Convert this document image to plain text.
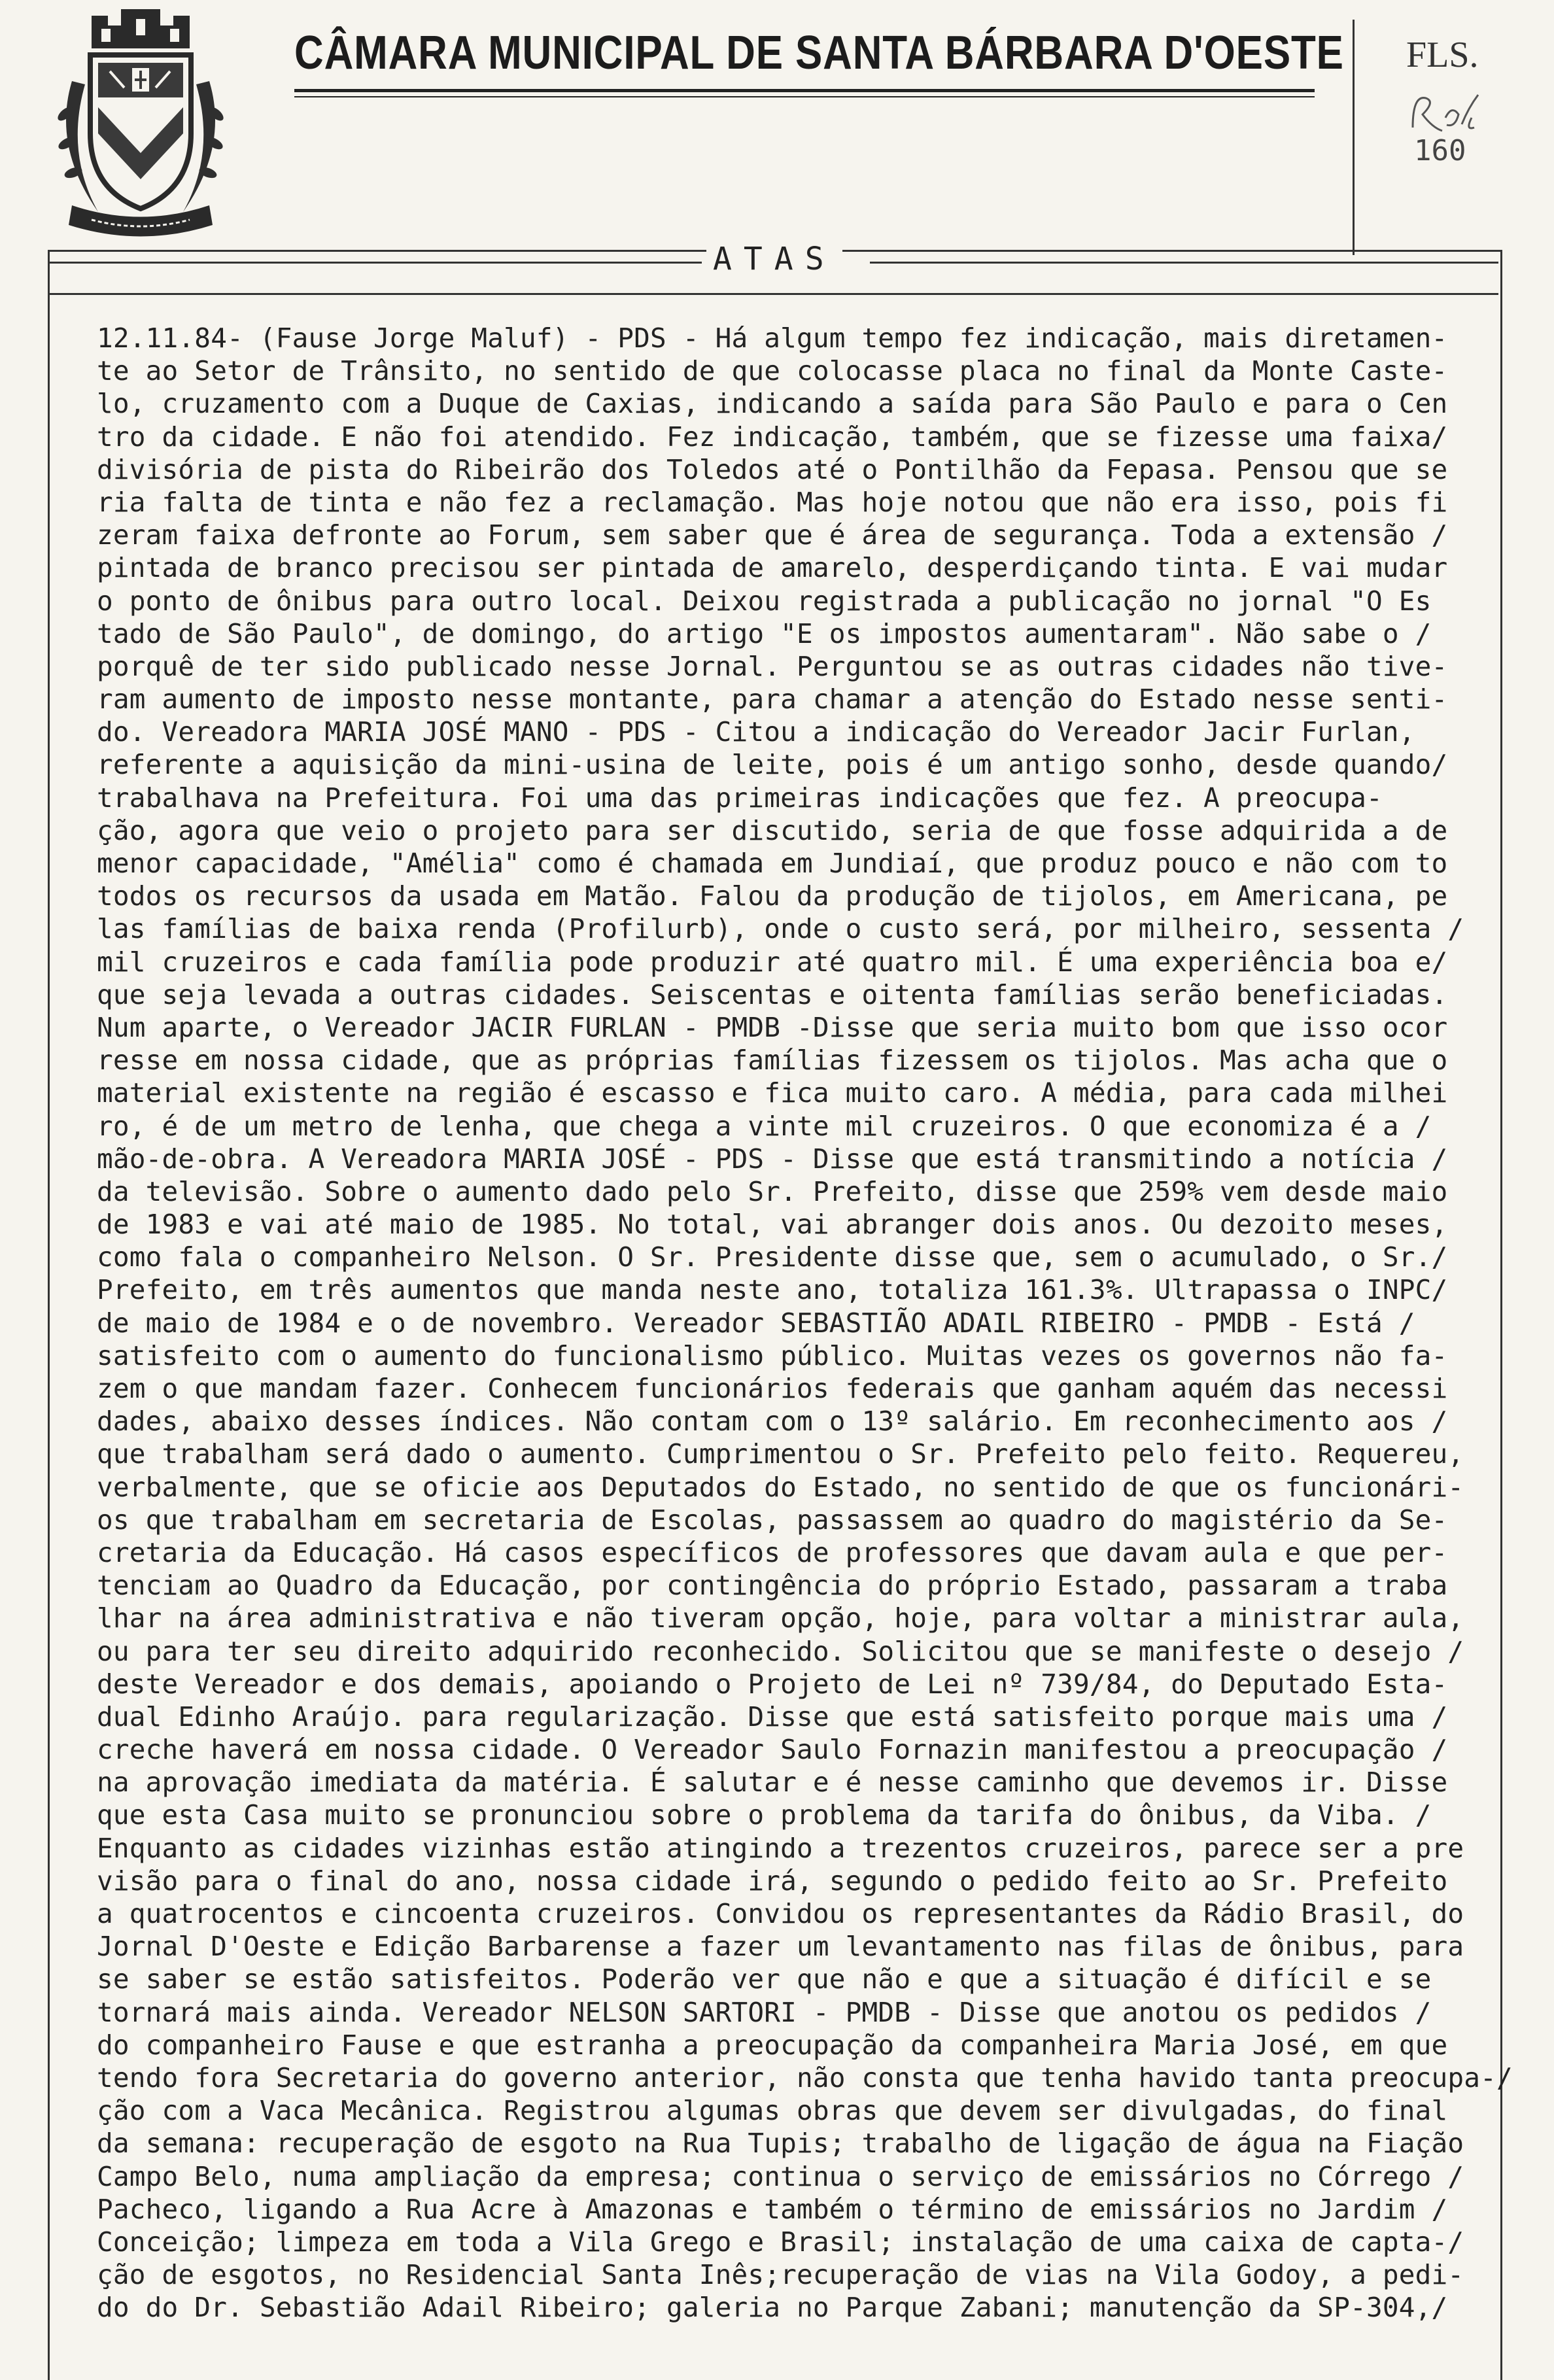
CÂMARA MUNICIPAL DE SANTA BÁRBARA D'OESTE FLS.
160
ATAS
12.11.84- (Fause Jorge Maluf) - PDS - Há algum tempo fez indicação, mais diretamen-
te ao Setor de Trânsito, no sentido de que colocasse placa no final da Monte Caste-
lo, cruzamento com a Duque de Caxias, indicando a saída para São Paulo e para o Cen
tro da cidade. E não foi atendido. Fez indicação, também, que se fizesse uma faixa/
divisória de pista do Ribeirão dos Toledos até o Pontilhão da Fepasa. Pensou que se
ria falta de tinta e não fez a reclamação. Mas hoje notou que não era isso, pois fi
zeram faixa defronte ao Forum, sem saber que é área de segurança. Toda a extensão /
pintada de branco precisou ser pintada de amarelo, desperdiçando tinta. E vai mudar
o ponto de ônibus para outro local. Deixou registrada a publicação no jornal "O Es
tado de São Paulo", de domingo, do artigo "E os impostos aumentaram". Não sabe o /
porquê de ter sido publicado nesse Jornal. Perguntou se as outras cidades não tive-
ram aumento de imposto nesse montante, para chamar a atenção do Estado nesse senti-
do. Vereadora MARIA JOSÉ MANO - PDS - Citou a indicação do Vereador Jacir Furlan,
referente a aquisição da mini-usina de leite, pois é um antigo sonho, desde quando/
trabalhava na Prefeitura. Foi uma das primeiras indicações que fez. A preocupa-
ção, agora que veio o projeto para ser discutido, seria de que fosse adquirida a de
menor capacidade, "Amélia" como é chamada em Jundiaí, que produz pouco e não com to
todos os recursos da usada em Matão. Falou da produção de tijolos, em Americana, pe
las famílias de baixa renda (Profilurb), onde o custo será, por milheiro, sessenta /
mil cruzeiros e cada família pode produzir até quatro mil. É uma experiência boa e/
que seja levada a outras cidades. Seiscentas e oitenta famílias serão beneficiadas.
Num aparte, o Vereador JACIR FURLAN - PMDB -Disse que seria muito bom que isso ocor
resse em nossa cidade, que as próprias famílias fizessem os tijolos. Mas acha que o
material existente na região é escasso e fica muito caro. A média, para cada milhei
ro, é de um metro de lenha, que chega a vinte mil cruzeiros. O que economiza é a /
mão-de-obra. A Vereadora MARIA JOSÉ - PDS - Disse que está transmitindo a notícia /
da televisão. Sobre o aumento dado pelo Sr. Prefeito, disse que 259% vem desde maio
de 1983 e vai até maio de 1985. No total, vai abranger dois anos. Ou dezoito meses,
como fala o companheiro Nelson. O Sr. Presidente disse que, sem o acumulado, o Sr./
Prefeito, em três aumentos que manda neste ano, totaliza 161.3%. Ultrapassa o INPC/
de maio de 1984 e o de novembro. Vereador SEBASTIÃO ADAIL RIBEIRO - PMDB - Está /
satisfeito com o aumento do funcionalismo público. Muitas vezes os governos não fa-
zem o que mandam fazer. Conhecem funcionários federais que ganham aquém das necessi
dades, abaixo desses índices. Não contam com o 13º salário. Em reconhecimento aos /
que trabalham será dado o aumento. Cumprimentou o Sr. Prefeito pelo feito. Requereu,
verbalmente, que se oficie aos Deputados do Estado, no sentido de que os funcionári-
os que trabalham em secretaria de Escolas, passassem ao quadro do magistério da Se-
cretaria da Educação. Há casos específicos de professores que davam aula e que per-
tenciam ao Quadro da Educação, por contingência do próprio Estado, passaram a traba
lhar na área administrativa e não tiveram opção, hoje, para voltar a ministrar aula,
ou para ter seu direito adquirido reconhecido. Solicitou que se manifeste o desejo /
deste Vereador e dos demais, apoiando o Projeto de Lei nº 739/84, do Deputado Esta-
dual Edinho Araújo. para regularização. Disse que está satisfeito porque mais uma /
creche haverá em nossa cidade. O Vereador Saulo Fornazin manifestou a preocupação /
na aprovação imediata da matéria. É salutar e é nesse caminho que devemos ir. Disse
que esta Casa muito se pronunciou sobre o problema da tarifa do ônibus, da Viba. /
Enquanto as cidades vizinhas estão atingindo a trezentos cruzeiros, parece ser a pre
visão para o final do ano, nossa cidade irá, segundo o pedido feito ao Sr. Prefeito
a quatrocentos e cincoenta cruzeiros. Convidou os representantes da Rádio Brasil, do
Jornal D'Oeste e Edição Barbarense a fazer um levantamento nas filas de ônibus, para
se saber se estão satisfeitos. Poderão ver que não e que a situação é difícil e se
tornará mais ainda. Vereador NELSON SARTORI - PMDB - Disse que anotou os pedidos /
do companheiro Fause e que estranha a preocupação da companheira Maria José, em que
tendo fora Secretaria do governo anterior, não consta que tenha havido tanta preocupa-/
ção com a Vaca Mecânica. Registrou algumas obras que devem ser divulgadas, do final
da semana: recuperação de esgoto na Rua Tupis; trabalho de ligação de água na Fiação
Campo Belo, numa ampliação da empresa; continua o serviço de emissários no Córrego /
Pacheco, ligando a Rua Acre à Amazonas e também o término de emissários no Jardim /
Conceição; limpeza em toda a Vila Grego e Brasil; instalação de uma caixa de capta-/
ção de esgotos, no Residencial Santa Inês;recuperação de vias na Vila Godoy, a pedi-
do do Dr. Sebastião Adail Ribeiro; galeria no Parque Zabani; manutenção da SP-304,/
